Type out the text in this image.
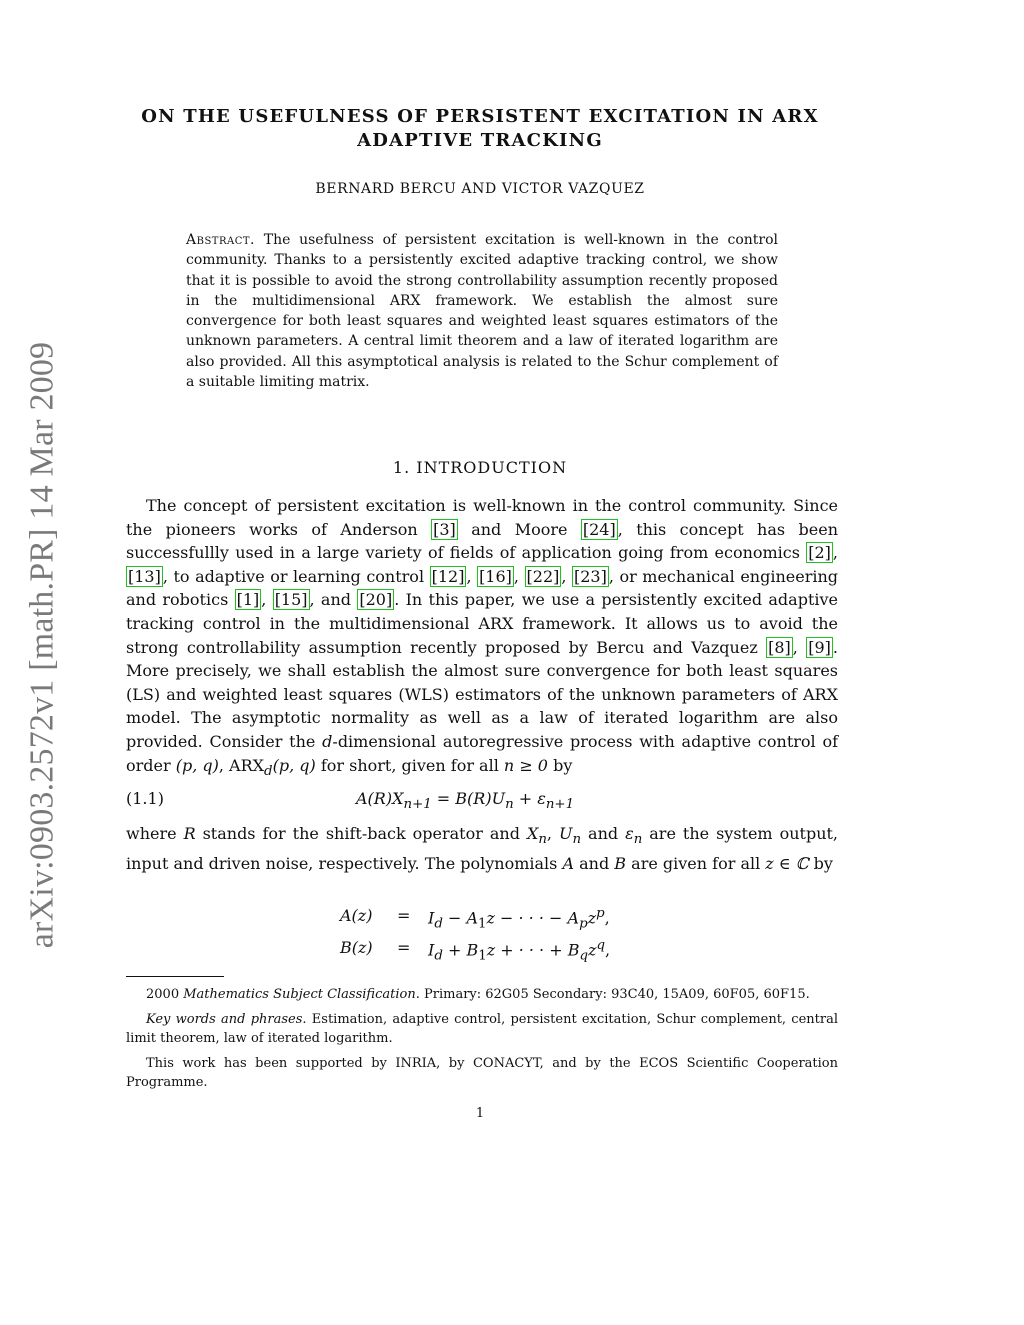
arXiv:0903.2572v1 [math.PR] 14 Mar 2009
ON THE USEFULNESS OF PERSISTENT EXCITATION IN ARX
ADAPTIVE TRACKING
BERNARD BERCU AND VICTOR VAZQUEZ
Abstract. The usefulness of persistent excitation is well-known in the control community. Thanks to a persistently excited adaptive tracking control, we show that it is possible to avoid the strong controllability assumption recently proposed in the multidimensional ARX framework. We establish the almost sure convergence for both least squares and weighted least squares estimators of the unknown parameters. A central limit theorem and a law of iterated logarithm are also provided. All this asymptotical analysis is related to the Schur complement of a suitable limiting matrix.
1. INTRODUCTION

The concept of persistent excitation is well-known in the control community. Since the pioneers works of Anderson [3] and Moore [24] , this concept has been successfullly used in a large variety of fields of application going from economics [2] , [13] , to adaptive or learning control [12] , [16] , [22] , [23] , or mechanical engineering and robotics [1] , [15] , and [20] . In this paper, we use a persistently excited adaptive tracking control in the multidimensional ARX framework. It allows us to avoid the strong controllability assumption recently proposed by Bercu and Vazquez [8] , [9] . More precisely, we shall establish the almost sure convergence for both least squares (LS) and weighted least squares (WLS) estimators of the unknown parameters of ARX model. The asymptotic normality as well as a law of iterated logarithm are also provided. Consider the d-dimensional autoregressive process with adaptive control of order (p, q), $ARX_d(p$, q) for short, given for all n ≥ 0 by

(1.1)	$A(R)X_{n+1} = B(R)U_n + \varepsilon_{n+1}$

where R stands for the shift-back operator and $X_n$, $U_n$ and $\varepsilon_n$ are the system output, input and driven noise, respectively. The polynomials A and B are given for all z ∈ ℂ by

$A(z) = I_d - A_1z$ − · · · − $A_pz^p$,
$B(z) = I_d + B_1z$ + · · · + $B_qz^q$,

2000 Mathematics Subject Classification. Primary: 62G05 Secondary: 93C40, 15A09, 60F05, 60F15.

Key words and phrases. Estimation, adaptive control, persistent excitation, Schur complement, central limit theorem, law of iterated logarithm.

This work has been supported by INRIA, by CONACYT, and by the ECOS Scientific Cooperation Programme.

1
